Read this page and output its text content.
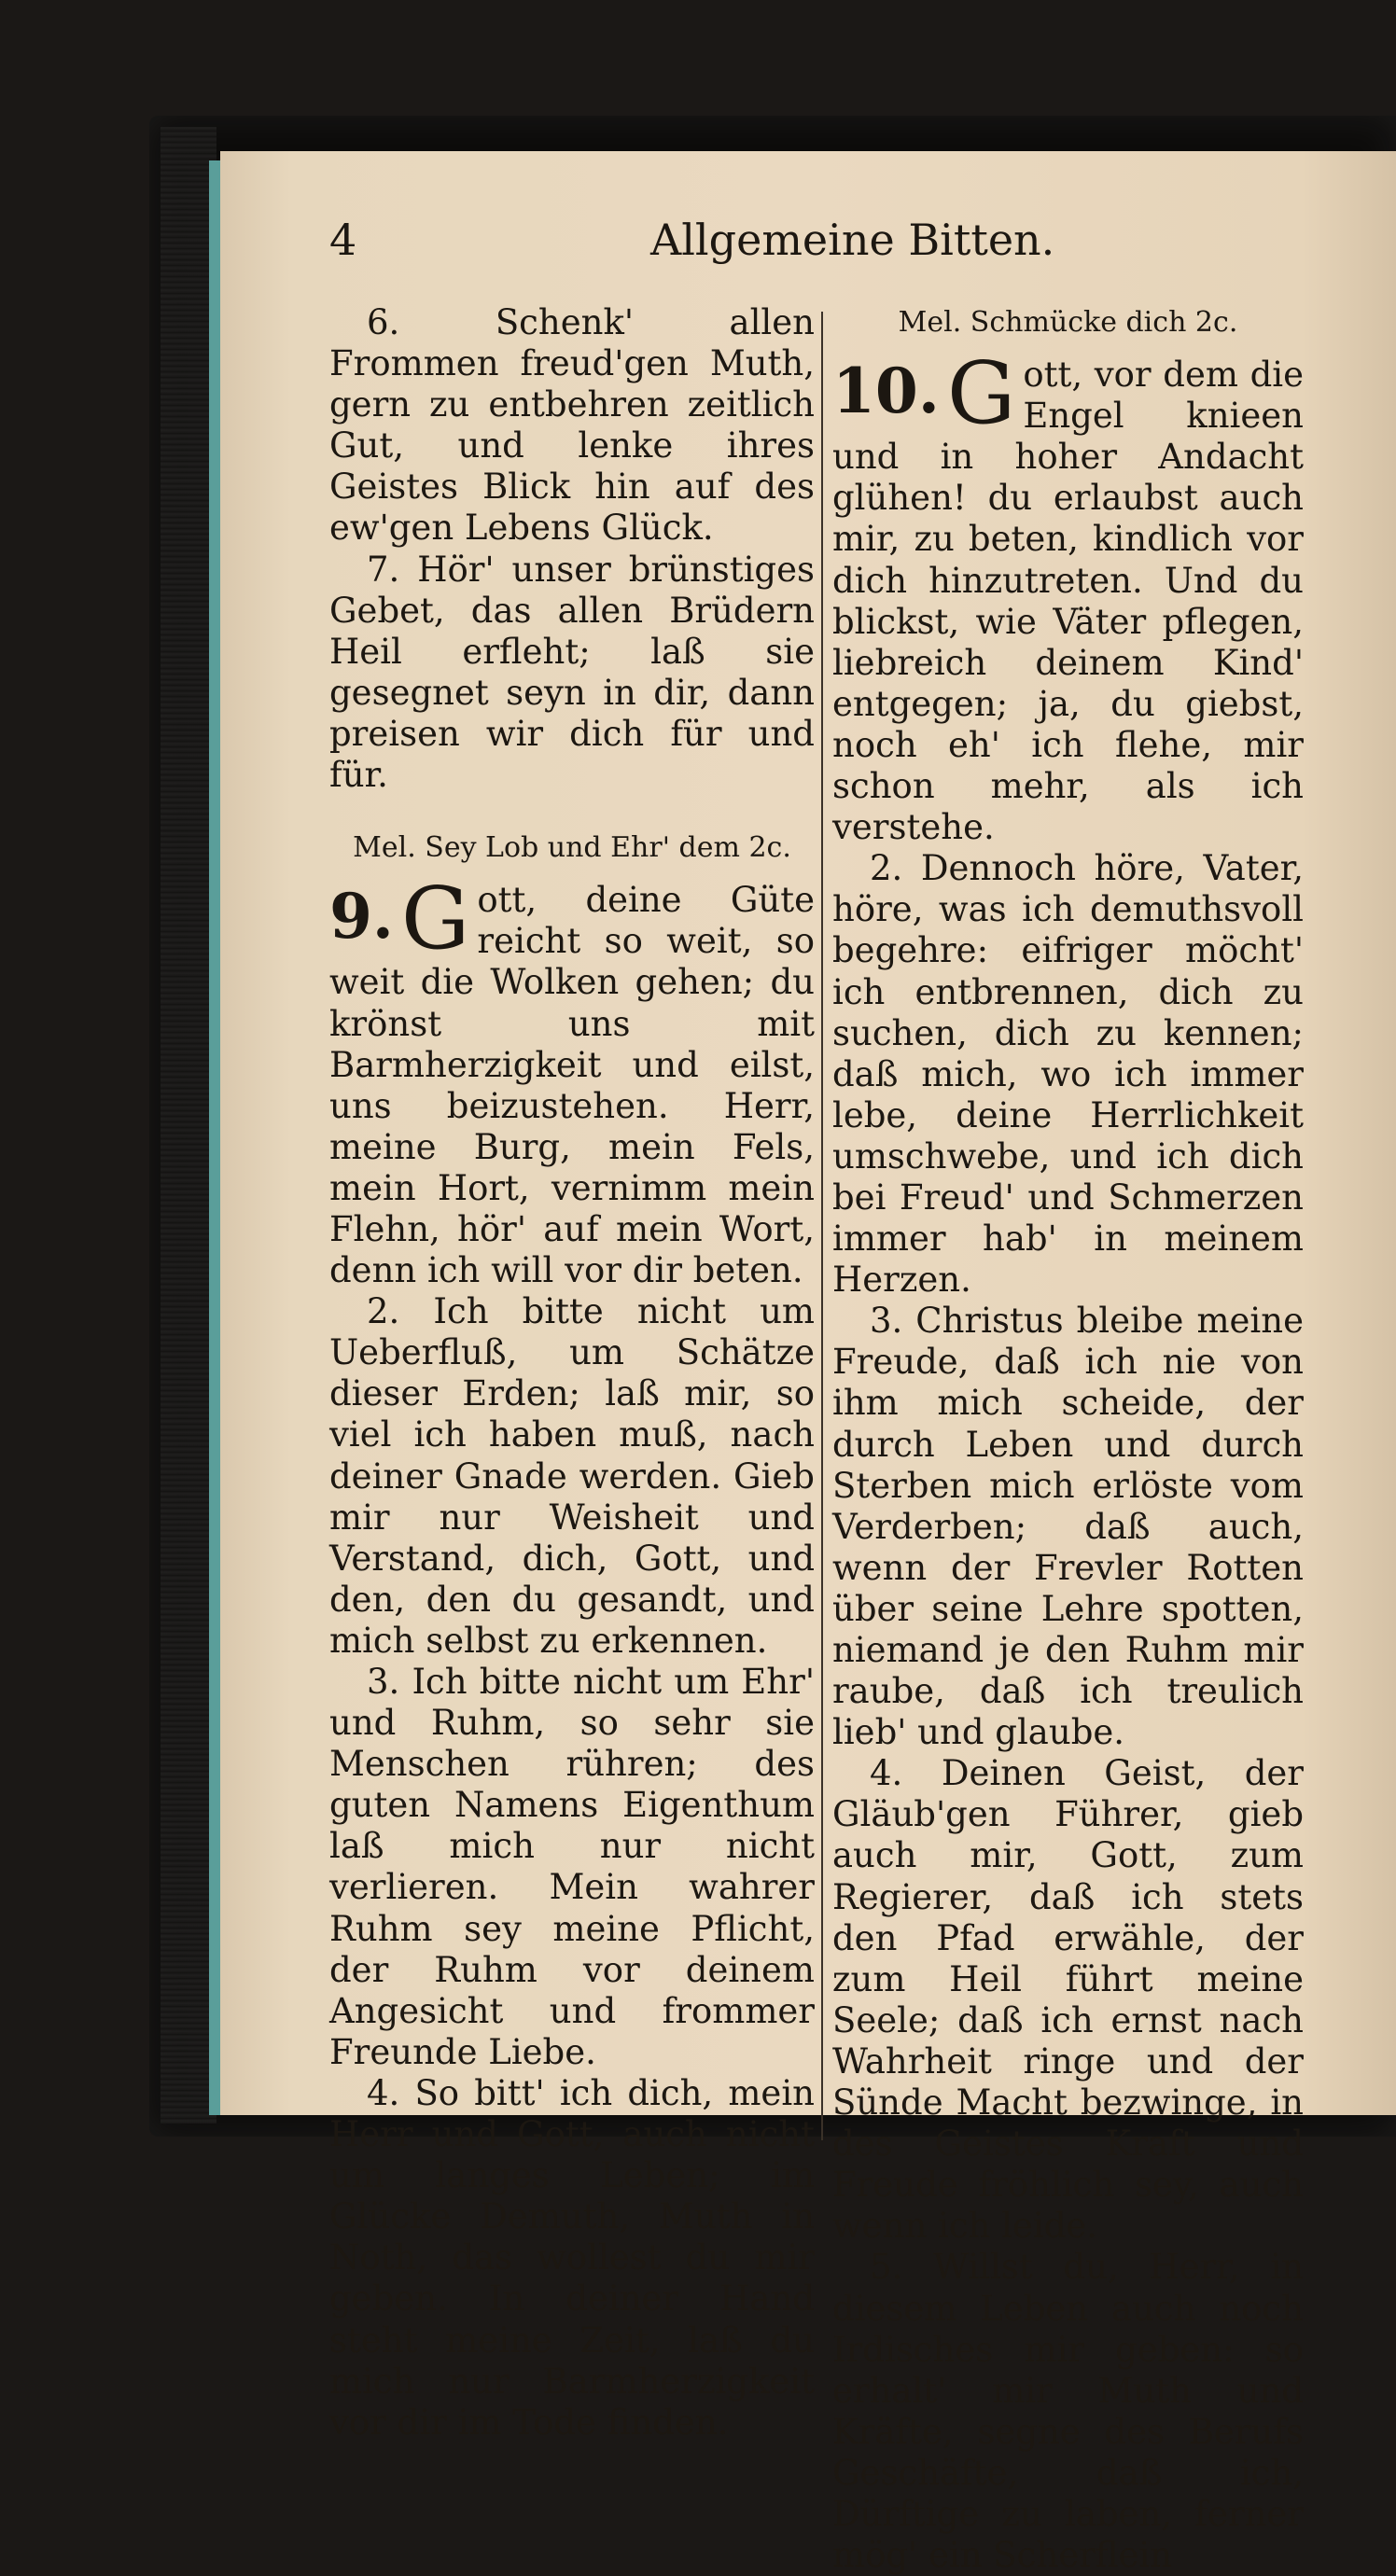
4	Allgemeine Bitten.

6. Schenk' allen Frommen freud'gen Muth, gern zu entbehren zeitlich Gut, und lenke ihres Geistes Blick hin auf des ew'gen Lebens Glück.

7. Hör' unser brünstiges Gebet, das allen Brüdern Heil erfleht; laß sie gesegnet seyn in dir, dann preisen wir dich für und für.

Mel. Sey Lob und Ehr' dem 2c.

9. G ott, deine Güte reicht so weit, so weit die Wolken gehen; du krönst uns mit Barmherzigkeit und eilst, uns beizustehen. Herr, meine Burg, mein Fels, mein Hort, vernimm mein Flehn, hör' auf mein Wort, denn ich will vor dir beten.

2. Ich bitte nicht um Ueberfluß, um Schätze dieser Erden; laß mir, so viel ich haben muß, nach deiner Gnade werden. Gieb mir nur Weisheit und Verstand, dich, Gott, und den, den du gesandt, und mich selbst zu erkennen.

3. Ich bitte nicht um Ehr' und Ruhm, so sehr sie Menschen rühren; des guten Namens Eigenthum laß mich nur nicht verlieren. Mein wahrer Ruhm sey meine Pflicht, der Ruhm vor deinem Angesicht und frommer Freunde Liebe.

4. So bitt' ich dich, mein Herr und Gott, auch nicht um langes Leben; im Glücke Demuth, Muth in Noth, das wollest du mir geben. In deiner Hand steht meine Zeit, laß du mich nur Barmherzigkeit vor dir im Tode finden.

Mel. Schmücke dich 2c.

10. G ott, vor dem die Engel knieen und in hoher Andacht glühen! du erlaubst auch mir, zu beten, kindlich vor dich hinzutreten. Und du blickst, wie Väter pflegen, liebreich deinem Kind' entgegen; ja, du giebst, noch eh' ich flehe, mir schon mehr, als ich verstehe.

2. Dennoch höre, Vater, höre, was ich demuthsvoll begehre: eifriger möcht' ich entbrennen, dich zu suchen, dich zu kennen; daß mich, wo ich immer lebe, deine Herrlichkeit umschwebe, und ich dich bei Freud' und Schmerzen immer hab' in meinem Herzen.

3. Christus bleibe meine Freude, daß ich nie von ihm mich scheide, der durch Leben und durch Sterben mich erlöste vom Verderben; daß auch, wenn der Frevler Rotten über seine Lehre spotten, niemand je den Ruhm mir raube, daß ich treulich lieb' und glaube.

4. Deinen Geist, der Gläub'gen Führer, gieb auch mir, Gott, zum Regierer, daß ich stets den Pfad erwähle, der zum Heil führt meine Seele; daß ich ernst nach Wahrheit ringe und der Sünde Macht bezwinge, in des Geistes Kraft und Freude fröhlich sey, auch wenn ich leide.

5. Willst du, Herr, in diesem Leben auch noch Irdisches mir geben: so erhalt' mir Muth und Kräfte, segne des Berufs Geschäfte, daß ich, Dürftige zu laben, ferner mög' ein Scherflein
